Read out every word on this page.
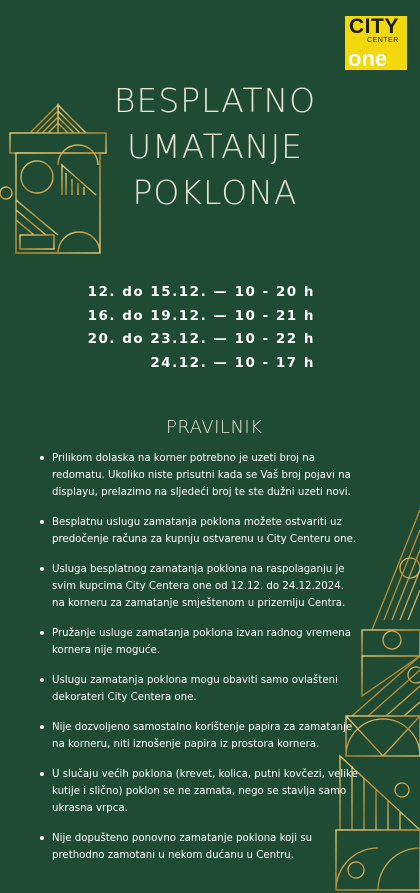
CITY
CENTER
one
BESPLATNO
UMATANJE
POKLONA
12. do 15.12. — 10 - 20 h
16. do 19.12. — 10 - 21 h
20. do 23.12. — 10 - 22 h
24.12. — 10 - 17 h
PRAVILNIK
Prilikom dolaska na korner potrebno je uzeti broj na redomatu. Ukoliko niste prisutni kada se Vaš broj pojavi na displayu, prelazimo na sljedeći broj te ste dužni uzeti novi.
Besplatnu uslugu zamatanja poklona možete ostvariti uz predočenje računa za kupnju ostvarenu u City Centeru one.
Usluga besplatnog zamatanja poklona na raspolaganju je svim kupcima City Centera one od 12.12. do 24.12.2024. na korneru za zamatanje smještenom u prizemlju Centra.
Pružanje usluge zamatanja poklona izvan radnog vremena kornera nije moguće.
Uslugu zamatanja poklona mogu obaviti samo ovlašteni dekorateri City Centera one.
Nije dozvoljeno samostalno korištenje papira za zamatanje na korneru, niti iznošenje papira iz prostora kornera.
U slučaju većih poklona (krevet, kolica, putni kovčezi, velike kutije i slično) poklon se ne zamata, nego se stavlja samo ukrasna vrpca.
Nije dopušteno ponovno zamatanje poklona koji su prethodno zamotani u nekom dućanu u Centru.
